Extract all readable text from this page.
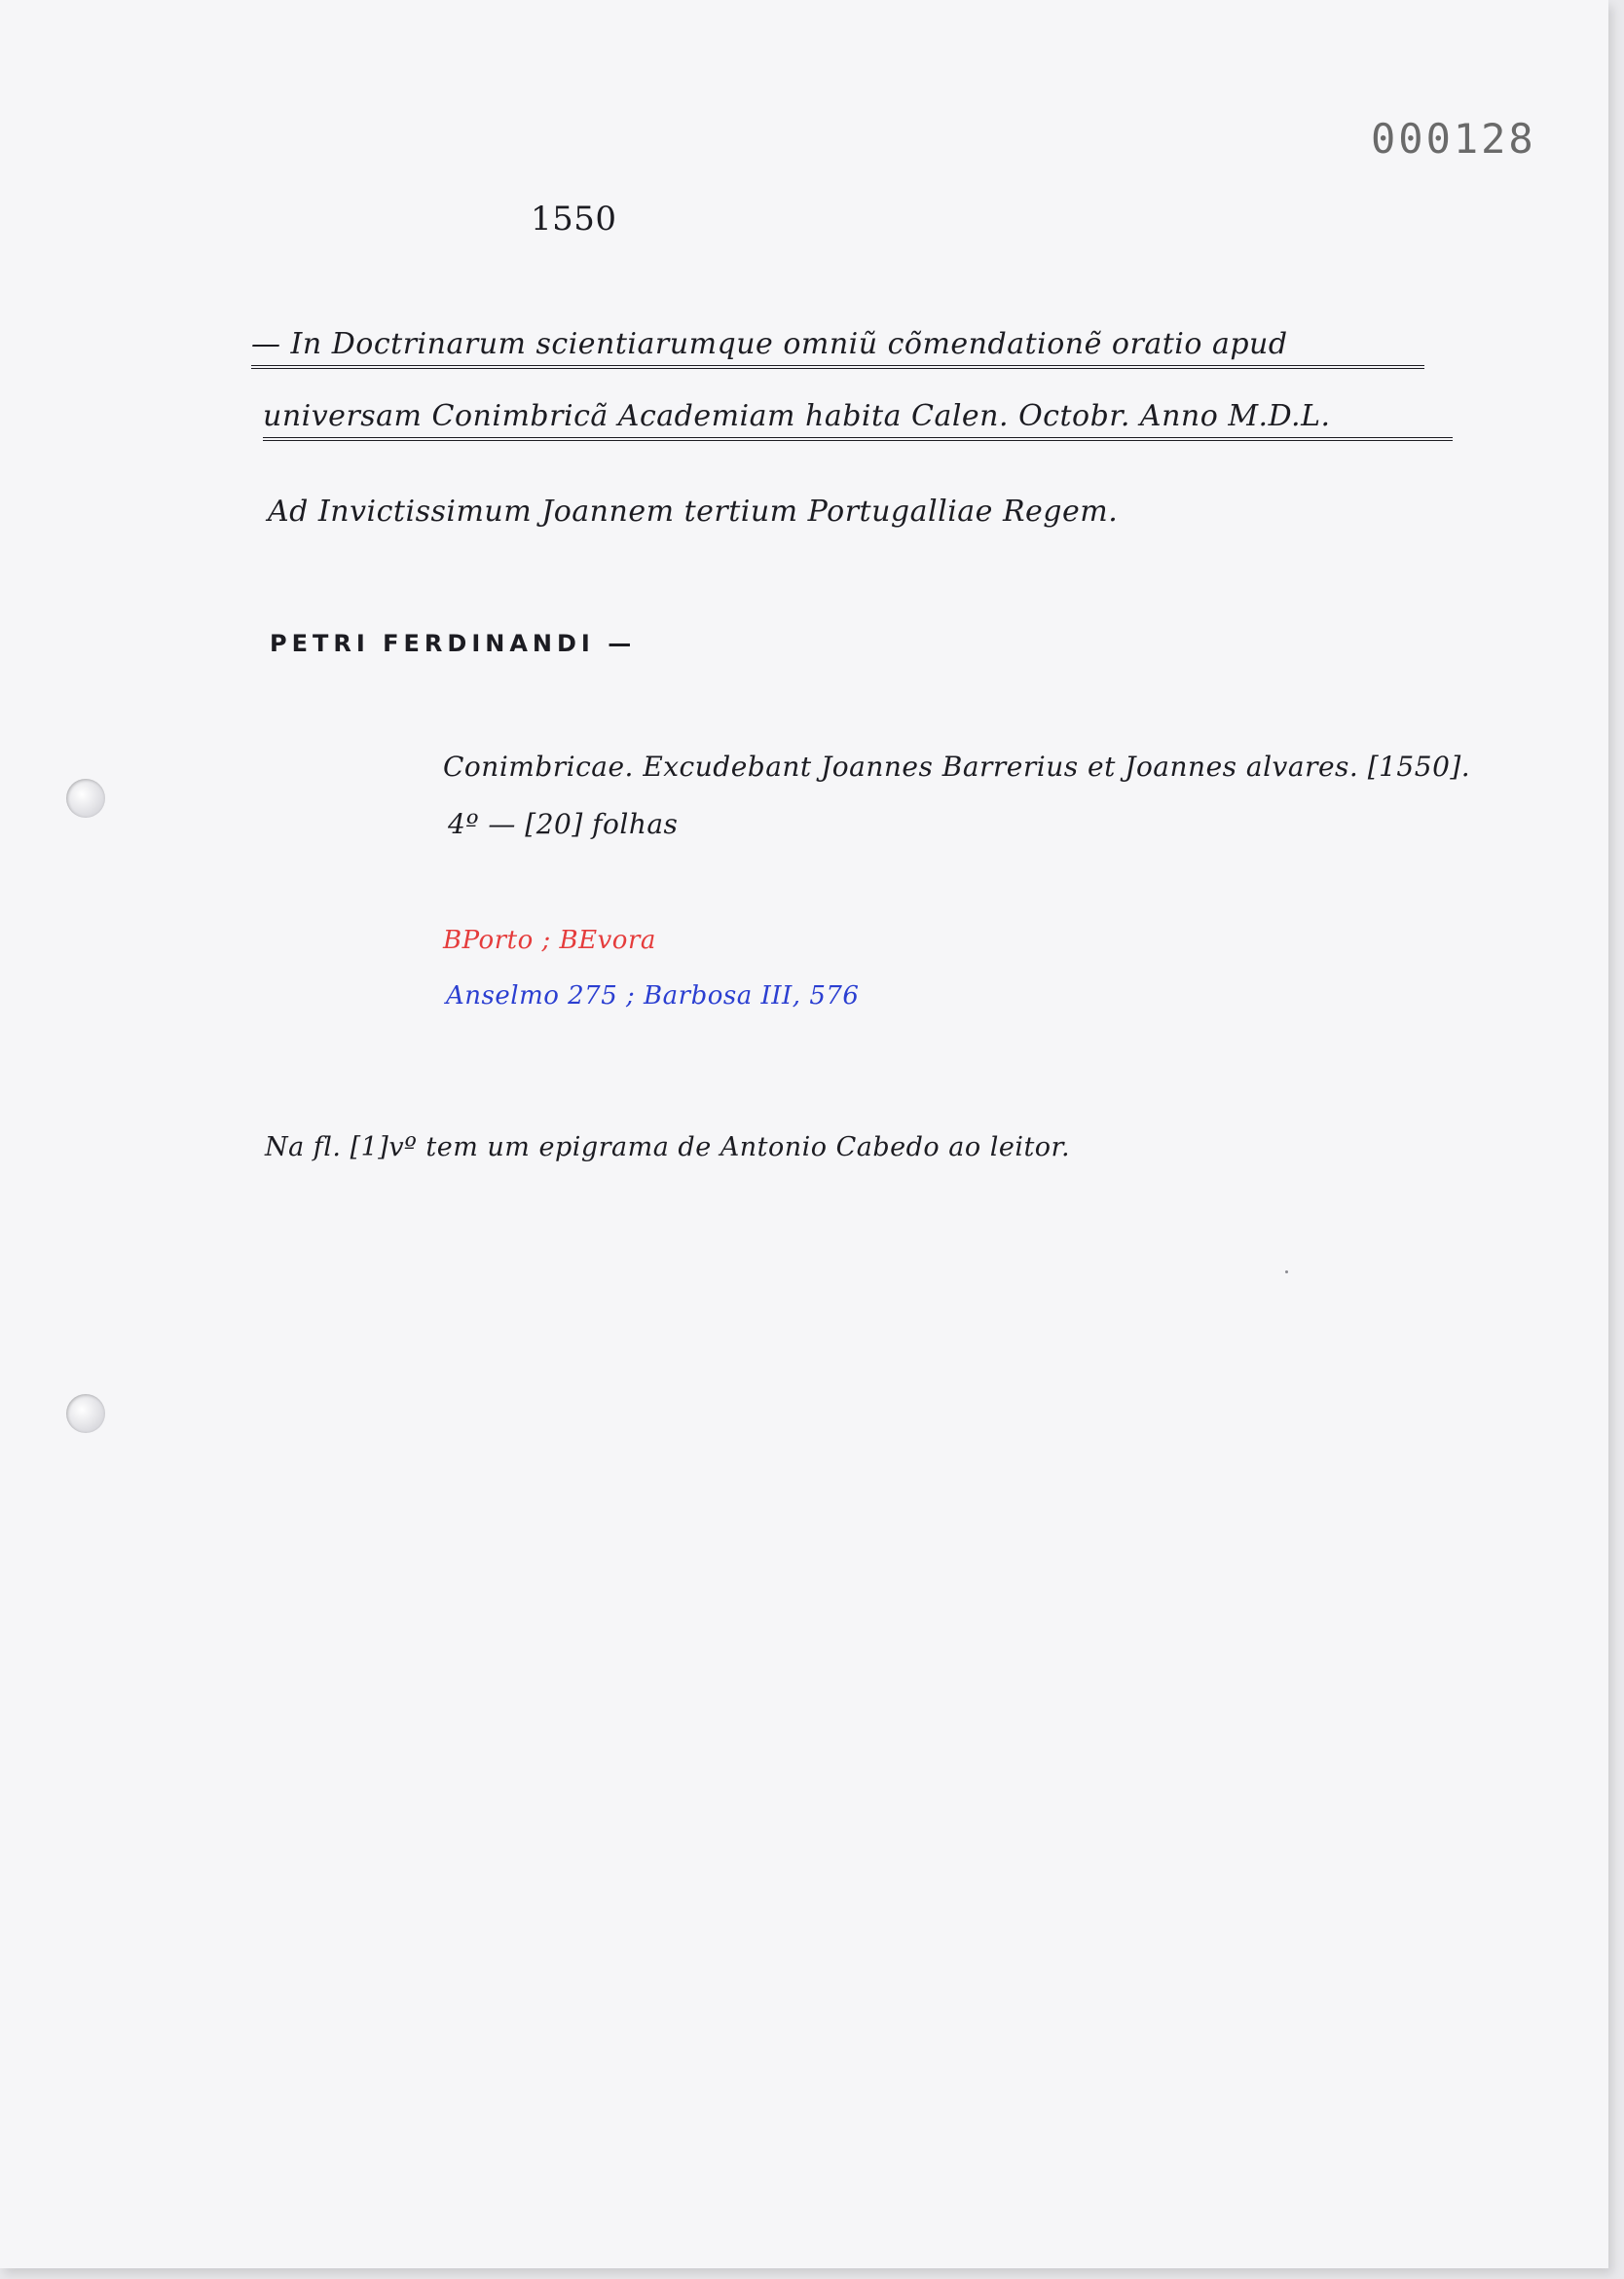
000128
1550
— In Doctrinarum scientiarumque omniũ cõmendationẽ oratio apud
universam Conimbricã Academiam habita Calen. Octobr. Anno M.D.L.
Ad Invictissimum Joannem tertium Portugalliae Regem.
PETRI FERDINANDI —
Conimbricae. Excudebant Joannes Barrerius et Joannes alvares. [1550].
4º — [20] folhas
BPorto ; BEvora
Anselmo 275 ; Barbosa III, 576
Na fl. [1]vº tem um epigrama de Antonio Cabedo ao leitor.
